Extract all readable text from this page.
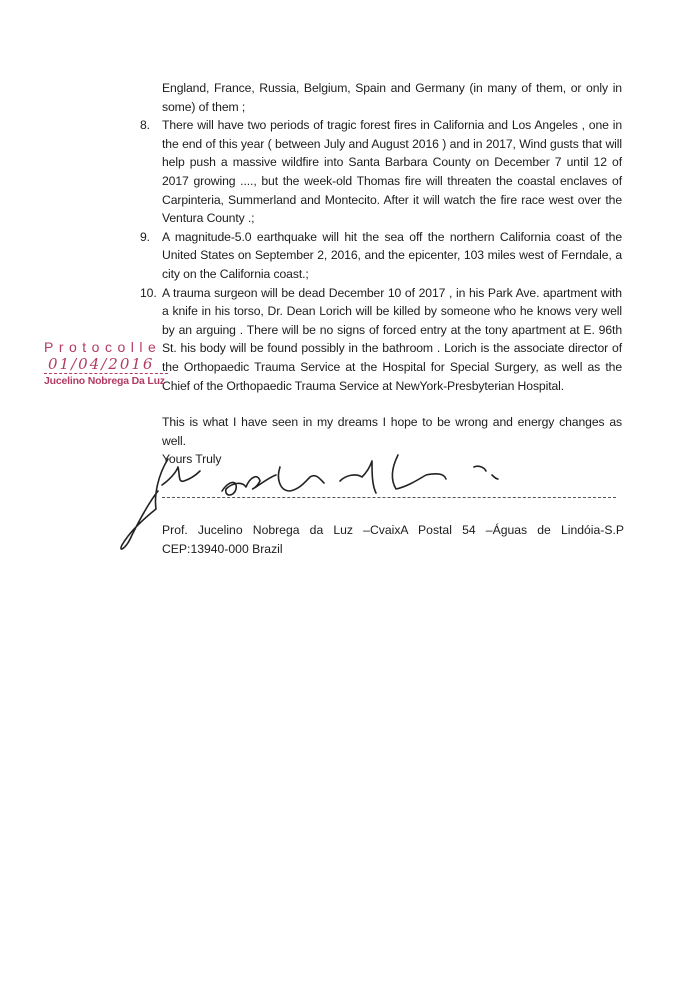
England, France, Russia, Belgium, Spain and Germany (in many of them, or only in some) of them ;

8. There will have two periods of tragic forest fires in California and Los Angeles , one in the end of this year ( between July and August 2016 ) and in 2017, Wind gusts that will help push a massive wildfire into Santa Barbara County on December 7 until 12 of 2017 growing ...., but the week-old Thomas fire will threaten the coastal enclaves of Carpinteria, Summerland and Montecito. After it will watch the fire race west over the Ventura County .;
9. A magnitude-5.0 earthquake will hit the sea off the northern California coast of the United States on September 2, 2016, and the epicenter, 103 miles west of Ferndale, a city on the California coast.;
10. A trauma surgeon will be dead December 10 of 2017 , in his Park Ave. apartment with a knife in his torso, Dr. Dean Lorich will be killed by someone who he knows very well by an arguing . There will be no signs of forced entry at the tony apartment at E. 96th St. his body will be found possibly in the bathroom . Lorich is the associate director of the Orthopaedic Trauma Service at the Hospital for Special Surgery, as well as the Chief of the Orthopaedic Trauma Service at NewYork-Presbyterian Hospital.

This is what I have seen in my dreams I hope to be wrong and energy changes as well.

Yours Truly

Protocolle
01/04/2016
Jucelino Nobrega Da Luz

Prof. Jucelino Nobrega da Luz –CvaixA Postal 54 –Águas de Lindóia-S.P CEP:13940-000 Brazil
